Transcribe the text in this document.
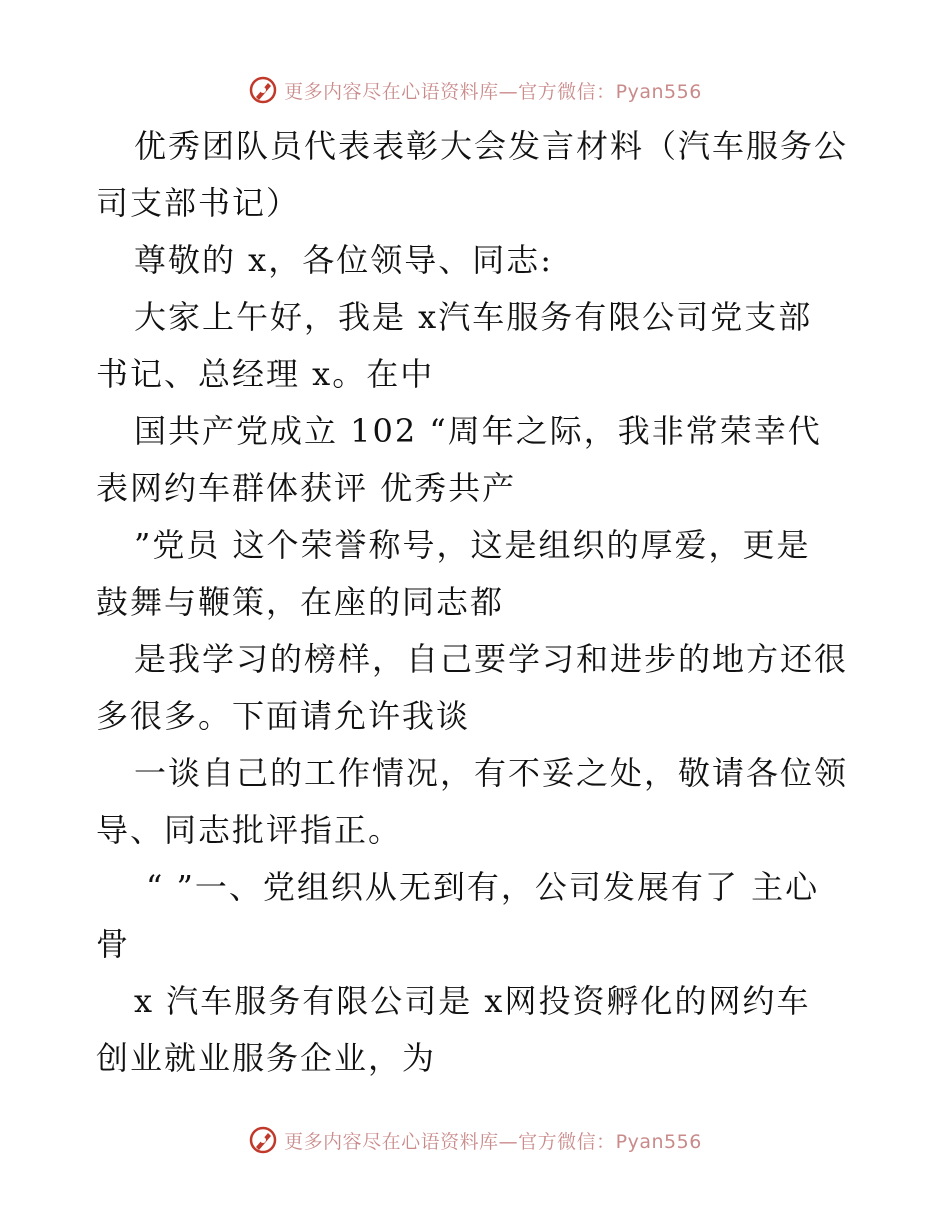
更多内容尽在心语资料库—官方微信：Pyan556
优秀团队员代表表彰大会发言材料（汽车服务公
司支部书记）
尊敬的 x，各位领导、同志:
大家上午好，我是 x汽车服务有限公司党支部
书记、总经理 x。在中
国共产党成立 102 “周年之际，我非常荣幸代
表网约车群体获评 优秀共产
”党员 这个荣誉称号，这是组织的厚爱，更是
鼓舞与鞭策，在座的同志都
是我学习的榜样，自己要学习和进步的地方还很
多很多。下面请允许我谈
一谈自己的工作情况，有不妥之处，敬请各位领
导、同志批评指正。
“ ”一、党组织从无到有，公司发展有了 主心
骨
x 汽车服务有限公司是 x网投资孵化的网约车
创业就业服务企业，为
更多内容尽在心语资料库—官方微信：Pyan556
